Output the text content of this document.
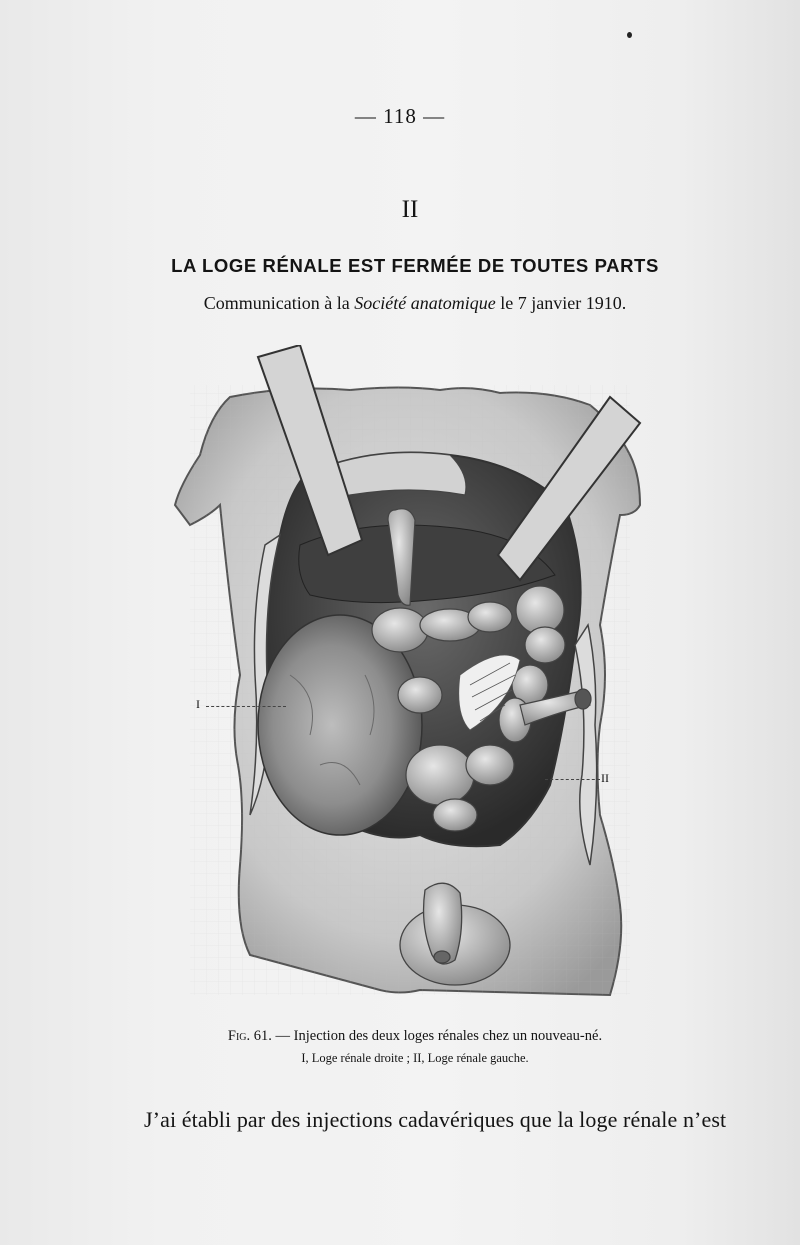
— 118 —
II
LA LOGE RÉNALE EST FERMÉE DE TOUTES PARTS
Communication à la Société anatomique le 7 janvier 1910.
I
II
Fig. 61. — Injection des deux loges rénales chez un nouveau-né.
I, Loge rénale droite ; II, Loge rénale gauche.
J’ai établi par des injections cadavériques que la loge rénale n’est
